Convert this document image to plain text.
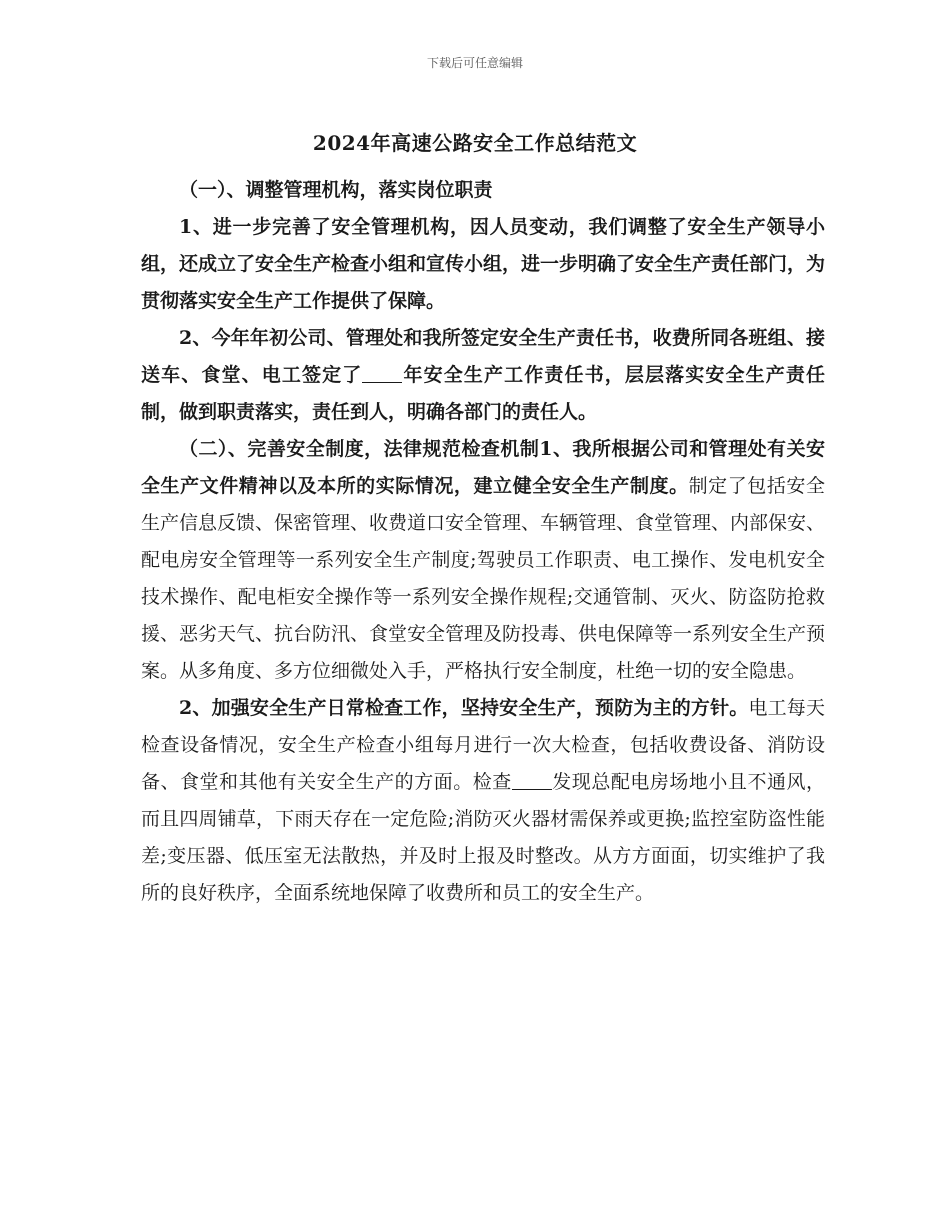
下载后可任意编辑
2024年高速公路安全工作总结范文

（一）、调整管理机构，落实岗位职责

1、进一步完善了安全管理机构，因人员变动，我们调整了安全生产领导小组，还成立了安全生产检查小组和宣传小组，进一步明确了安全生产责任部门，为贯彻落实安全生产工作提供了保障。

2、今年年初公司、管理处和我所签定安全生产责任书，收费所同各班组、接送车、食堂、电工签定了 年安全生产工作责任书，层层落实安全生产责任制，做到职责落实，责任到人，明确各部门的责任人。

（二）、完善安全制度，法律规范检查机制1、我所根据公司和管理处有关安全生产文件精神以及本所的实际情况，建立健全安全生产制度。制定了包括安全生产信息反馈、保密管理、收费道口安全管理、车辆管理、食堂管理、内部保安、配电房安全管理等一系列安全生产制度;驾驶员工作职责、电工操作、发电机安全技术操作、配电柜安全操作等一系列安全操作规程;交通管制、灭火、防盗防抢救援、恶劣天气、抗台防汛、食堂安全管理及防投毒、供电保障等一系列安全生产预案。从多角度、多方位细微处入手，严格执行安全制度，杜绝一切的安全隐患。

2、加强安全生产日常检查工作，坚持安全生产，预防为主的方针。电工每天检查设备情况，安全生产检查小组每月进行一次大检查，包括收费设备、消防设备、食堂和其他有关安全生产的方面。检查 发现总配电房场地小且不通风，而且四周铺草，下雨天存在一定危险;消防灭火器材需保养或更换;监控室防盗性能差;变压器、低压室无法散热，并及时上报及时整改。从方方面面，切实维护了我所的良好秩序，全面系统地保障了收费所和员工的安全生产。
